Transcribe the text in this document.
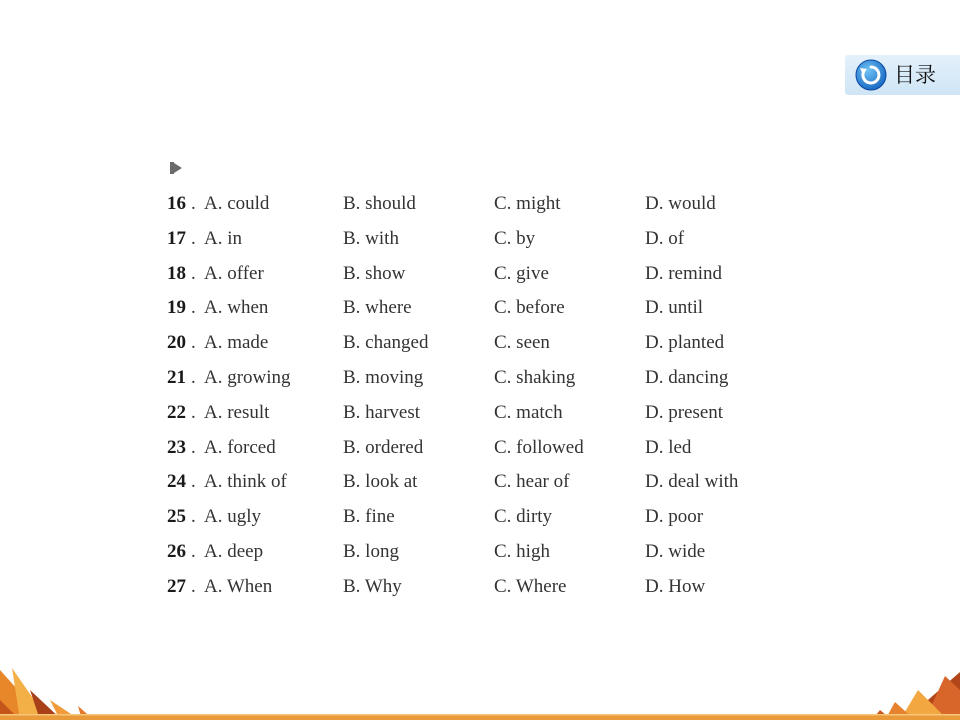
目录
16 . A. could	B. should	C. might	D. would
17 . A. in	B. with	C. by	D. of
18 . A. offer	B. show	C. give	D. remind
19 . A. when	B. where	C. before	D. until
20 . A. made	B. changed	C. seen	D. planted
21 . A. growing	B. moving	C. shaking	D. dancing
22 . A. result	B. harvest	C. match	D. present
23 . A. forced	B. ordered	C. followed	D. led
24 . A. think of	B. look at	C. hear of	D. deal with
25 . A. ugly	B. fine	C. dirty	D. poor
26 . A. deep	B. long	C. high	D. wide
27 . A. When	B. Why	C. Where	D. How
